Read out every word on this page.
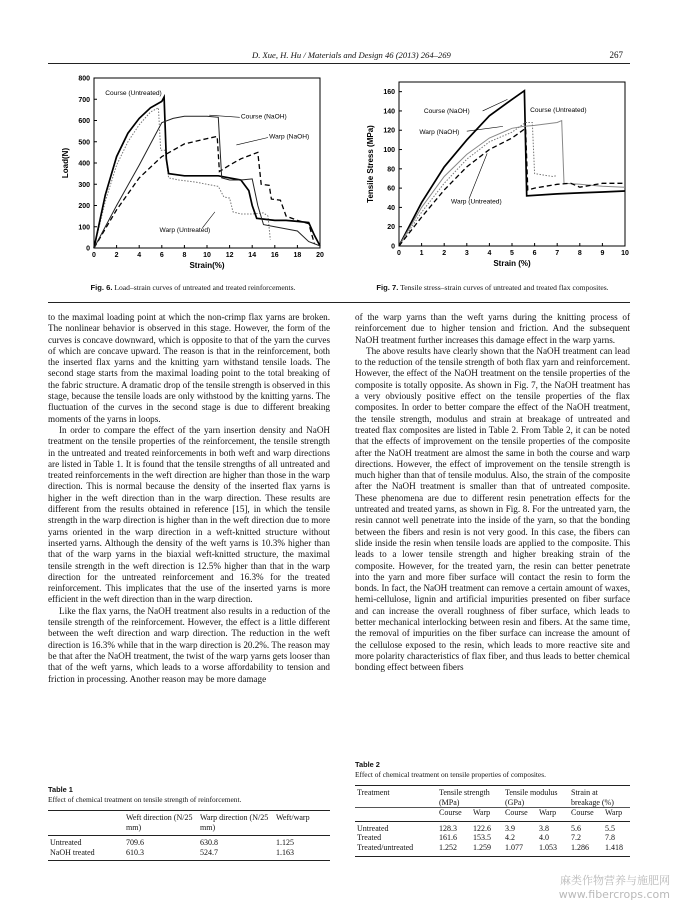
D. Xue, H. Hu / Materials and Design 46 (2013) 264–269	267
0	2	4	6	8 10 12 14 16 18 20
0
100
200
300
400
500
600
700
800
Strain(%)
Load(N)
Course (Untreated)
Course (NaOH)
Warp (NaOH)
Warp (Untreated)
Fig. 6. Load–strain curves of untreated and treated reinforcements.
0	1	2	3	4	5	6	7	8	9 10
0
20
40
60
80
100
120
140
160
Strain (%)
Tensile Stress (MPa)
Course (NaOH)	Course (Untreated)
Warp (NaOH)
Warp (Untreated)
Fig. 7. Tensile stress–strain curves of untreated and treated flax composites.

to the maximal loading point at which the non-crimp flax yarns are broken. The nonlinear behavior is observed in this stage. However, the form of the curves is concave downward, which is opposite to that of the yarn the curves of which are concave upward. The reason is that in the reinforcement, both the inserted flax yarns and the knitting yarn withstand tensile loads. The second stage starts from the maximal loading point to the total breaking of the fabric structure. A dramatic drop of the tensile strength is observed in this stage, because the tensile loads are only withstood by the knitting yarns. The fluctuation of the curves in the second stage is due to different breaking moments of the yarns in loops.

In order to compare the effect of the yarn insertion density and NaOH treatment on the tensile properties of the reinforcement, the tensile strength in the untreated and treated reinforcements in both weft and warp directions are listed in Table 1. It is found that the tensile strengths of all untreated and treated reinforcements in the weft direction are higher than those in the warp direction. This is normal because the density of the inserted flax yarns is higher in the weft direction than in the warp direction. These results are different from the results obtained in reference [15], in which the tensile strength in the warp direction is higher than in the weft direction due to more yarns oriented in the warp direction in a weft-knitted structure without inserted yarns. Although the density of the weft yarns is 10.3% higher than that of the warp yarns in the biaxial weft-knitted structure, the maximal tensile strength in the weft direction is 12.5% higher than that in the warp direction for the untreated reinforcement and 16.3% for the treated reinforcement. This implicates that the use of the inserted yarns is more efficient in the weft direction than in the warp direction.

Like the flax yarns, the NaOH treatment also results in a reduction of the tensile strength of the reinforcement. However, the effect is a little different between the weft direction and warp direction. The reduction in the weft direction is 16.3% while that in the warp direction is 20.2%. The reason may be that after the NaOH treatment, the twist of the warp yarns gets looser than that of the weft yarns, which leads to a worse affordability to tension and friction in processing. Another reason may be more damage

of the warp yarns than the weft yarns during the knitting process of reinforcement due to higher tension and friction. And the subsequent NaOH treatment further increases this damage effect in the warp yarns.

The above results have clearly shown that the NaOH treatment can lead to the reduction of the tensile strength of both flax yarn and reinforcement. However, the effect of the NaOH treatment on the tensile properties of the composite is totally opposite. As shown in Fig. 7, the NaOH treatment has a very obviously positive effect on the tensile properties of the flax composites. In order to better compare the effect of the NaOH treatment, the tensile strength, modulus and strain at breakage of untreated and treated flax composites are listed in Table 2. From Table 2, it can be noted that the effects of improvement on the tensile properties of the composite after the NaOH treatment are almost the same in both the course and warp directions. However, the effect of improvement on the tensile strength is much higher than that of tensile modulus. Also, the strain of the composite after the NaOH treatment is smaller than that of untreated composite. These phenomena are due to different resin penetration effects for the untreated and treated yarns, as shown in Fig. 8. For the untreated yarn, the resin cannot well penetrate into the inside of the yarn, so that the bonding between the fibers and resin is not very good. In this case, the fibers can slide inside the resin when tensile loads are applied to the composite. This leads to a lower tensile strength and higher breaking strain of the composite. However, for the treated yarn, the resin can better penetrate into the yarn and more fiber surface will contact the resin to form the bonds. In fact, the NaOH treatment can remove a certain amount of waxes, hemi-cellulose, lignin and artificial impurities presented on fiber surface and can increase the overall roughness of fiber surface, which leads to better mechanical interlocking between resin and fibers. At the same time, the removal of impurities on the fiber surface can increase the amount of the cellulose exposed to the resin, which leads to more reactive site and more polarity characteristics of flax fiber, and thus leads to better chemical bonding effect between fibers

Table 1
Effect of chemical treatment on tensile strength of reinforcement.
	Weft direction (N/25 mm)	Warp direction (N/25 mm)	Weft/warp
Untreated	709.6	630.8	1.125
NaOH treated	610.3	524.7	1.163
Table 2
Effect of chemical treatment on tensile properties of composites.
Treatment	Tensile strength (MPa)		Tensile modulus (GPa)		Strain at breakage (%)	
	Course	Warp	Course	Warp	Course	Warp
Untreated	128.3	122.6	3.9	3.8	5.6	5.5
Treated	161.6	153.5	4.2	4.0	7.2	7.8
Treated/untreated	1.252	1.259	1.077	1.053	1.286	1.418
麻类作物营养与施肥网
www.fibercrops.com
